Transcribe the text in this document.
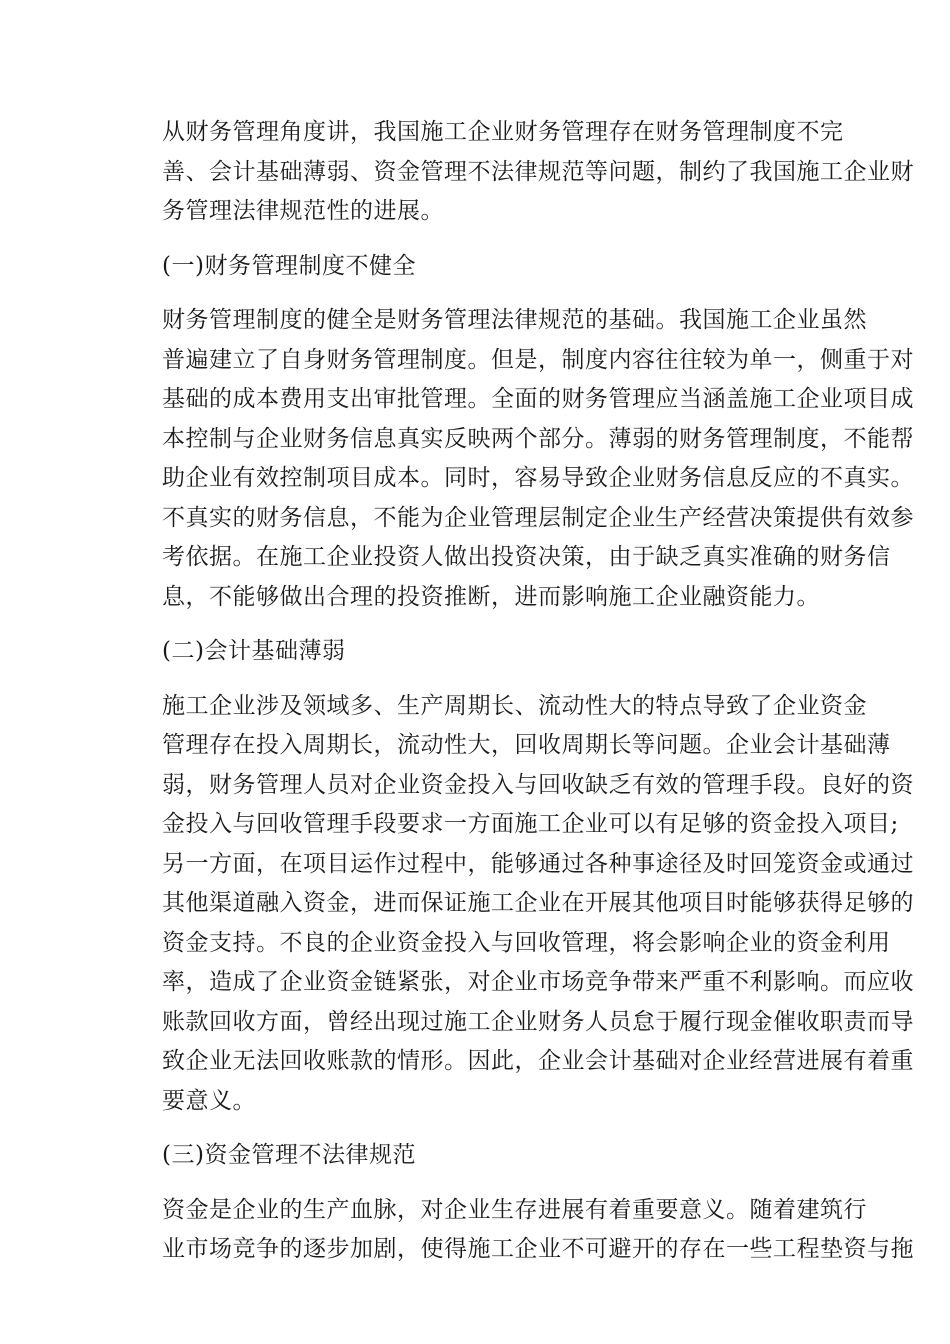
从财务管理角度讲，我国施工企业财务管理存在财务管理制度不完
善、会计基础薄弱、资金管理不法律规范等问题，制约了我国施工企业财
务管理法律规范性的进展。
(一)财务管理制度不健全
财务管理制度的健全是财务管理法律规范的基础。我国施工企业虽然
普遍建立了自身财务管理制度。但是，制度内容往往较为单一，侧重于对
基础的成本费用支出审批管理。全面的财务管理应当涵盖施工企业项目成
本控制与企业财务信息真实反映两个部分。薄弱的财务管理制度，不能帮
助企业有效控制项目成本。同时，容易导致企业财务信息反应的不真实。
不真实的财务信息，不能为企业管理层制定企业生产经营决策提供有效参
考依据。在施工企业投资人做出投资决策，由于缺乏真实准确的财务信
息，不能够做出合理的投资推断，进而影响施工企业融资能力。
(二)会计基础薄弱
施工企业涉及领域多、生产周期长、流动性大的特点导致了企业资金
管理存在投入周期长，流动性大，回收周期长等问题。企业会计基础薄
弱，财务管理人员对企业资金投入与回收缺乏有效的管理手段。良好的资
金投入与回收管理手段要求一方面施工企业可以有足够的资金投入项目;
另一方面，在项目运作过程中，能够通过各种事途径及时回笼资金或通过
其他渠道融入资金，进而保证施工企业在开展其他项目时能够获得足够的
资金支持。不良的企业资金投入与回收管理，将会影响企业的资金利用
率，造成了企业资金链紧张，对企业市场竞争带来严重不利影响。而应收
账款回收方面，曾经出现过施工企业财务人员怠于履行现金催收职责而导
致企业无法回收账款的情形。因此，企业会计基础对企业经营进展有着重
要意义。
(三)资金管理不法律规范
资金是企业的生产血脉，对企业生存进展有着重要意义。随着建筑行
业市场竞争的逐步加剧，使得施工企业不可避开的存在一些工程垫资与拖
